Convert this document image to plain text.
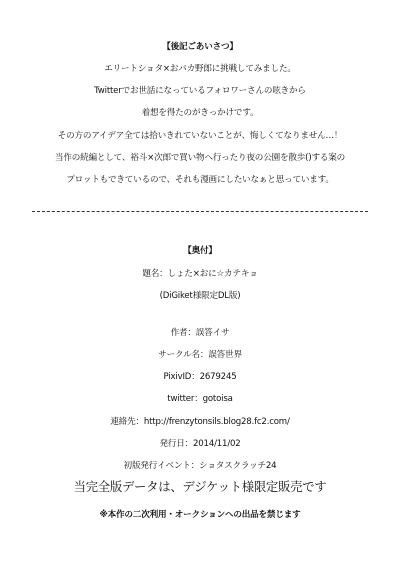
【後記ごあいさつ】
エリートショタ×おバカ野郎に挑戦してみました。
Twitterでお世話になっているフォロワーさんの呟きから
着想を得たのがきっかけです。
その方のアイデア全ては拾いきれていないことが、悔しくてなりません…！
当作の続編として、裕斗×次郎で買い物へ行ったり夜の公園を散歩()する案の
プロットもできているので、それも漫画にしたいなぁと思っています。
【奥付】
題名：しょた×おに☆カテキョ
(DiGiket様限定DL版)
作者：誤答イサ
サークル名：誤答世界
PixivID：2679245
twitter：gotoisa
連絡先：http://frenzytonsils.blog28.fc2.com/
発行日：2014/11/02
初版発行イベント：ショタスクラッチ24
当完全版データは、デジケット様限定販売です
※本作の二次利用・オークションへの出品を禁じます
